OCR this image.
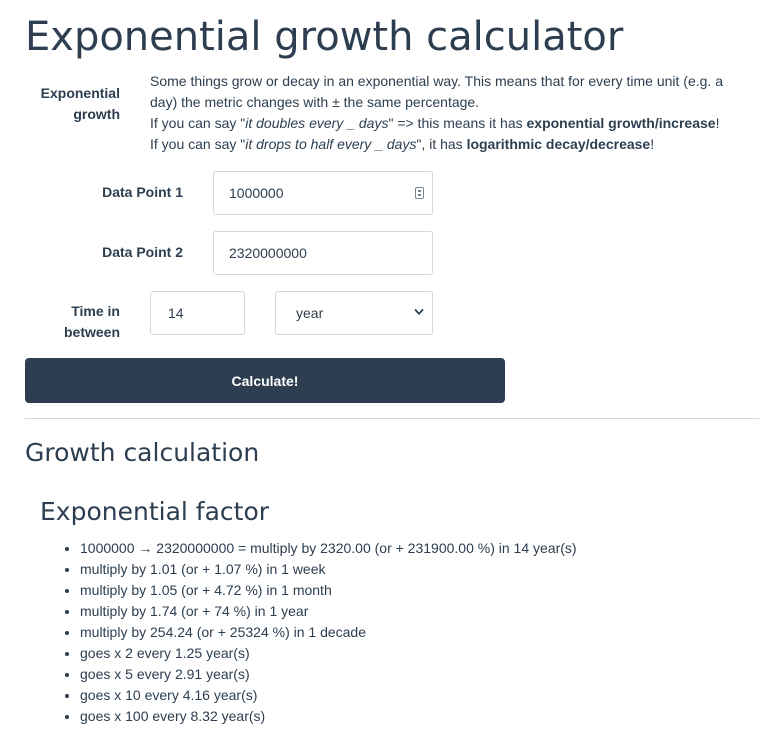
Exponential growth calculator
Exponential growth

Some things grow or decay in an exponential way. This means that for every time unit (e.g. a day) the metric changes with ± the same percentage.

If you can say "it doubles every _ days" => this means it has exponential growth/increase!

If you can say "it drops to half every _ days", it has logarithmic decay/decrease!

Data Point 1	1000000
Data Point 2	2320000000
Time in between
14	year
Calculate!
Growth calculation
Exponential factor
• 1000000 → 2320000000 = multiply by 2320.00 (or + 231900.00 %) in 14 year(s)
• multiply by 1.01 (or + 1.07 %) in 1 week
• multiply by 1.05 (or + 4.72 %) in 1 month
• multiply by 1.74 (or + 74 %) in 1 year
• multiply by 254.24 (or + 25324 %) in 1 decade
• goes x 2 every 1.25 year(s)
• goes x 5 every 2.91 year(s)
• goes x 10 every 4.16 year(s)
• goes x 100 every 8.32 year(s)
